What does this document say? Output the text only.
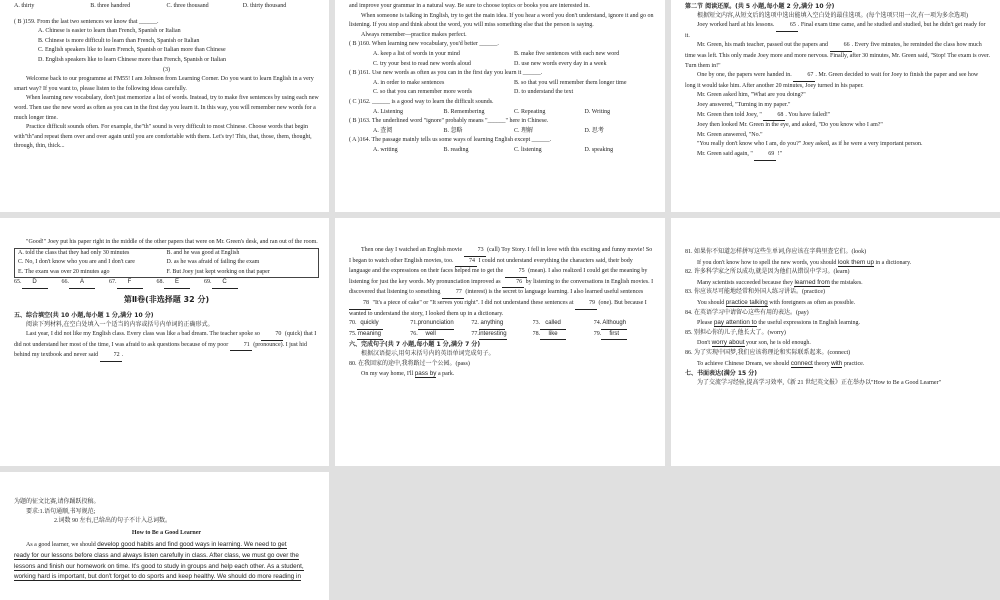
A. thirty	B. three handred	C. three thousand	D. thirty thousand
( B )159. From the last two sentences we know that ______.
A. Chinese is easier to learn than French, Spanish or Italian
B. Chinese is more difficult to learn than French, Spanish or Italian
C. English speakers like to learn French, Spanish or Italian more than Chinese
D. English speakers like to learn Chinese more than French, Spanish or Italian
(3)
Welcome back to our programme at FM55! I am Johnson from Learning Corner. Do you want to learn English in a very smart way? If you want to, please listen to the following ideas carefully.
When learning new vocabulary, don't just memorize a list of words. Instead, try to make five sentences by using each new word. Then use the new word as often as you can in the first day you learn it. In this way, you will remember new words for a much longer time.
Practice difficult sounds often. For example, the"th" sound is very difficult to most Chinese. Choose words that begin with"th"and repeat them over and over again until you are comfortable with them. Let's try! This, that, those, them, thought, through, thin, thick...
and improve your grammar in a natural way. Be sure to choose topics or books you are interested in.
When someone is talking in English, try to get the main idea. If you hear a word you don't understand, ignore it and go on listening. If you stop and think about the word, you will miss something else that the person is saying.
Always remember—practice makes perfect.
( B )160. When learning new vocabulary, you'd better ______.
A. keep a list of words in your mind	B. make five sentences with each new word
C. try your best to read new words aloud	D. use new words every day in a week
( B )161. Use new words as often as you can in the first day you learn it ______.
A. in order to make sentences	B. so that you will remember them longer time
C. so that you can remember more words	D. to understand the text
( C )162. ______ is a good way to learn the difficult sounds.
A. Listening	B. Remembering	C. Repeating	D. Writing
( B )163. The underlined word "ignore" probably means "______" here in Chinese.
A. 查阅	B. 忽略	C. 理解	D. 思考
( A )164. The passage mainly tells us some ways of learning English except ______.
A. writing	B. reading	C. listening	D. speaking
第二节 阅读还原。(共 5 小题,每小题 2 分,满分 10 分)
根据短文内容,从短文后的选项中选出能填入空白处的最佳选项。(每个选项只用一次,有一项为多余选项)
Joey worked hard at his lessons. 65 . Final exam time came, and he studied and studied, but he didn't get ready for it.
Mr. Green, his math teacher, passed out the papers and 66 . Every five minutes, he reminded the class how much time was left. This only made Joey more and more nervous. Finally, after 30 minutes, Mr. Green said, "Stop! The exam is over. Turn them in!"
One by one, the papers were handed in. 67 . Mr. Green decided to wait for Joey to finish the paper and see how long it would take him. After another 20 minutes, Joey turned in his paper.
Mr. Green asked him, "What are you doing?"
Joey answered, "Turning in my paper."
Mr. Green then told Joey, " 68 . You have failed!"
Joey then looked Mr. Green in the eye, and asked, "Do you know who I am?"
Mr. Green answered, "No."
"You really don't know who I am, do you?" Joey asked, as if he were a very important person.
Mr. Green said again, " 69 !"
"Good!" Joey put his paper right in the middle of the other papers that were on Mr. Green's desk, and ran out of the room.
A. told the class that they had only 30 minutes	B. and he was good at English
C. No, I don't know who you are and I don't care	D. as he was afraid of failing the exam
E. The exam was over 20 minutes ago	F. But Joey just kept working on that paper
65. D	66. A	67. F	68. E	69. C
第Ⅱ卷(非选择题 32 分)
五、综合填空(共 10 小题,每小题 1 分,满分 10 分)
阅读下列材料,在空白处填入一个适当的内容或括号内单词的正确形式。
Last year, I did not like my English class. Every class was like a bad dream. The teacher spoke so 70 (quick) that I did not understand her most of the time, I was afraid to ask questions because of my poor 71 (pronounce). I just hid behind my textbook and never said 72 .
Then one day I watched an English movie 73 (call) Toy Story. I fell in love with this exciting and funny movie! So I began to watch other English movies, too. 74 I could not understand everything the characters said, their body language and the expressions on their faces helped me to get the 75 (mean). I also realized I could get the meaning by listening for just the key words. My pronunciation improved as 76 by listening to the conversations in English movies. I discovered that listening to something 77 (interest) is the secret to language learning. I also learned useful sentences 78 "It's a piece of cake" or "It serves you right". I did not understand these sentences at 79 (one). But because I wanted to understand the story, I looked them up in a dictionary.
70. quickly	71.pronunciation	72. anything	73. called	74.Although
75.meaning	76. well	77.interesting	78. like	79. first
六、完成句子(共 7 小题,每小题 1 分,满分 7 分)
根据汉语提示,用句末括号内的英语单词完成句子。
80. 在我回家的途中,我将路过一个公园。(pass)
On my way home, I'll pass by a park.
81. 如果你不知道怎样拼写这些生单词,你应该在字典里查它们。(look)
If you don't know how to spell the new words, you should look them up in a dictionary.
82. 许多科学家之所以成功,就是因为他们从错误中学习。(learn)
Many scientists succeeded because they learned from the mistakes.
83. 你应该尽可能地经常和外国人练习讲话。(practice)
You should practice talking with foreigners as often as possible.
84. 在英语学习中请留心这些有用的表达。(pay)
Please pay attention to the useful expressions in English learning.
85. 别担心你的儿子,他长大了。(worry)
Don't worry about your son, he is old enough.
86. 为了实现中国梦,我们应该将理论和实际联系起来。(connect)
To achieve Chinese Dream, we should connect theory with practice.
七、书面表达(满分 15 分)
为了交流学习经验,提高学习效率,《新 21 世纪英文报》正在举办以"How to Be a Good Learner"
为题的征文比赛,请你踊跃投稿。
要求:1.语句通顺,书写规范;
2.词数 90 左右,已给出的句子不计入总词数。
How to Be a Good Learner
As a good learner, we should develop good habits and find good ways in learning. We need to get
ready for our lessons before class and always listen carefully in class. After class, we must go over the
lessons and finish our homework on time. It's good to study in groups and help each other. As a student,
working hard is important, but don't forget to do sports and keep healthy. We should do more reading in
